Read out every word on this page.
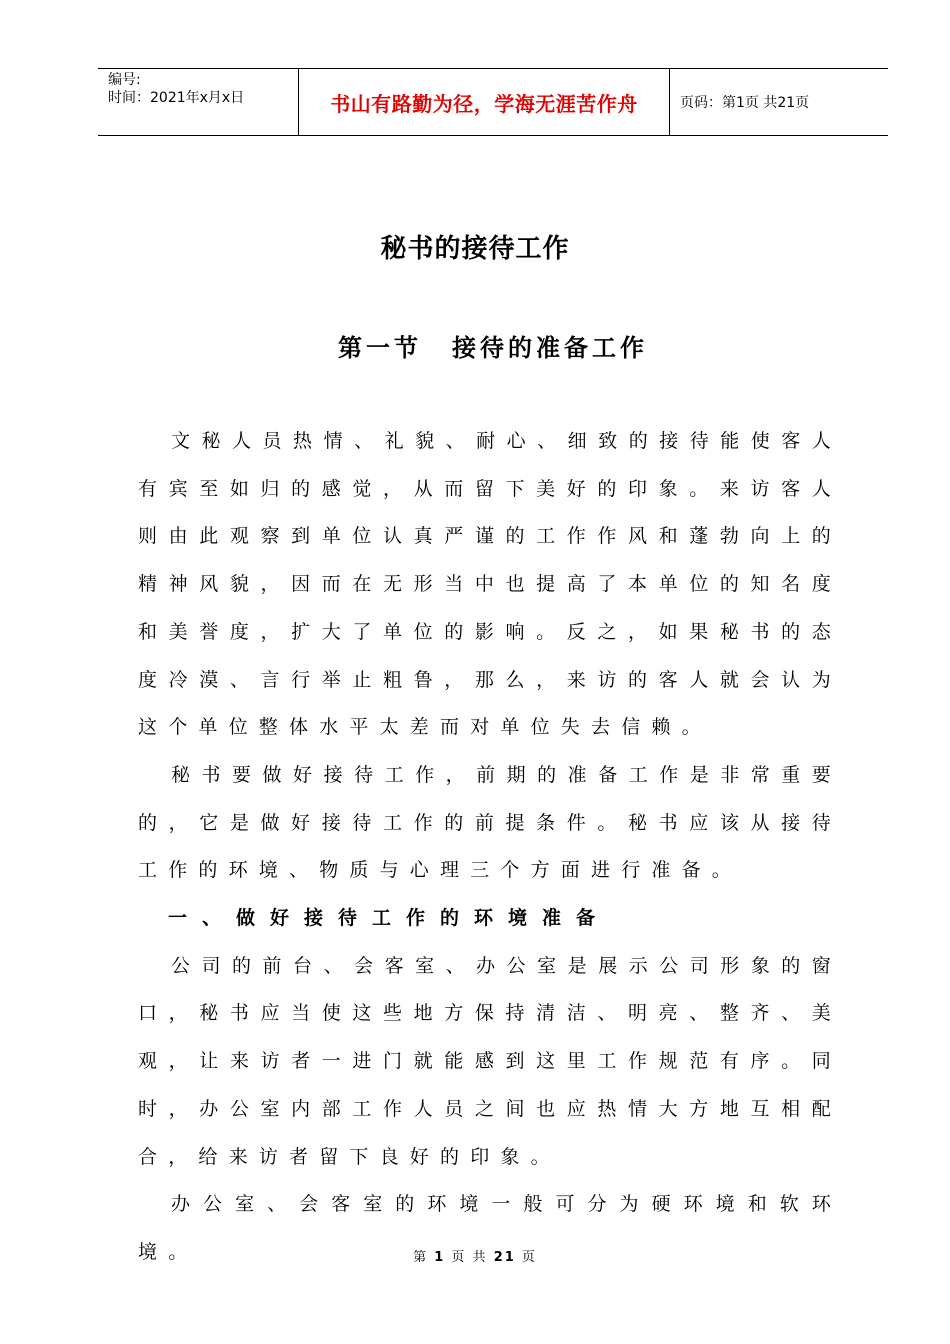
编号:
时间：2021年x月x日	书山有路勤为径，学海无涯苦作舟	页码：第1页 共21页
秘书的接待工作
第一节 接待的准备工作

文秘人员热情、礼貌、耐心、细致的接待能使客人有宾至如归的感觉，从而留下美好的印象。来访客人则由此观察到单位认真严谨的工作作风和蓬勃向上的精神风貌，因而在无形当中也提高了本单位的知名度和美誉度，扩大了单位的影响。反之，如果秘书的态度冷漠、言行举止粗鲁，那么，来访的客人就会认为这个单位整体水平太差而对单位失去信赖。

秘书要做好接待工作，前期的准备工作是非常重要的，它是做好接待工作的前提条件。秘书应该从接待工作的环境、物质与心理三个方面进行准备。

一、做好接待工作的环境准备

公司的前台、会客室、办公室是展示公司形象的窗口，秘书应当使这些地方保持清洁、明亮、整齐、美观，让来访者一进门就能感到这里工作规范有序。同时，办公室内部工作人员之间也应热情大方地互相配合，给来访者留下良好的印象。

办公室、会客室的环境一般可分为硬环境和软环境。	第 1 页 共 21 页
